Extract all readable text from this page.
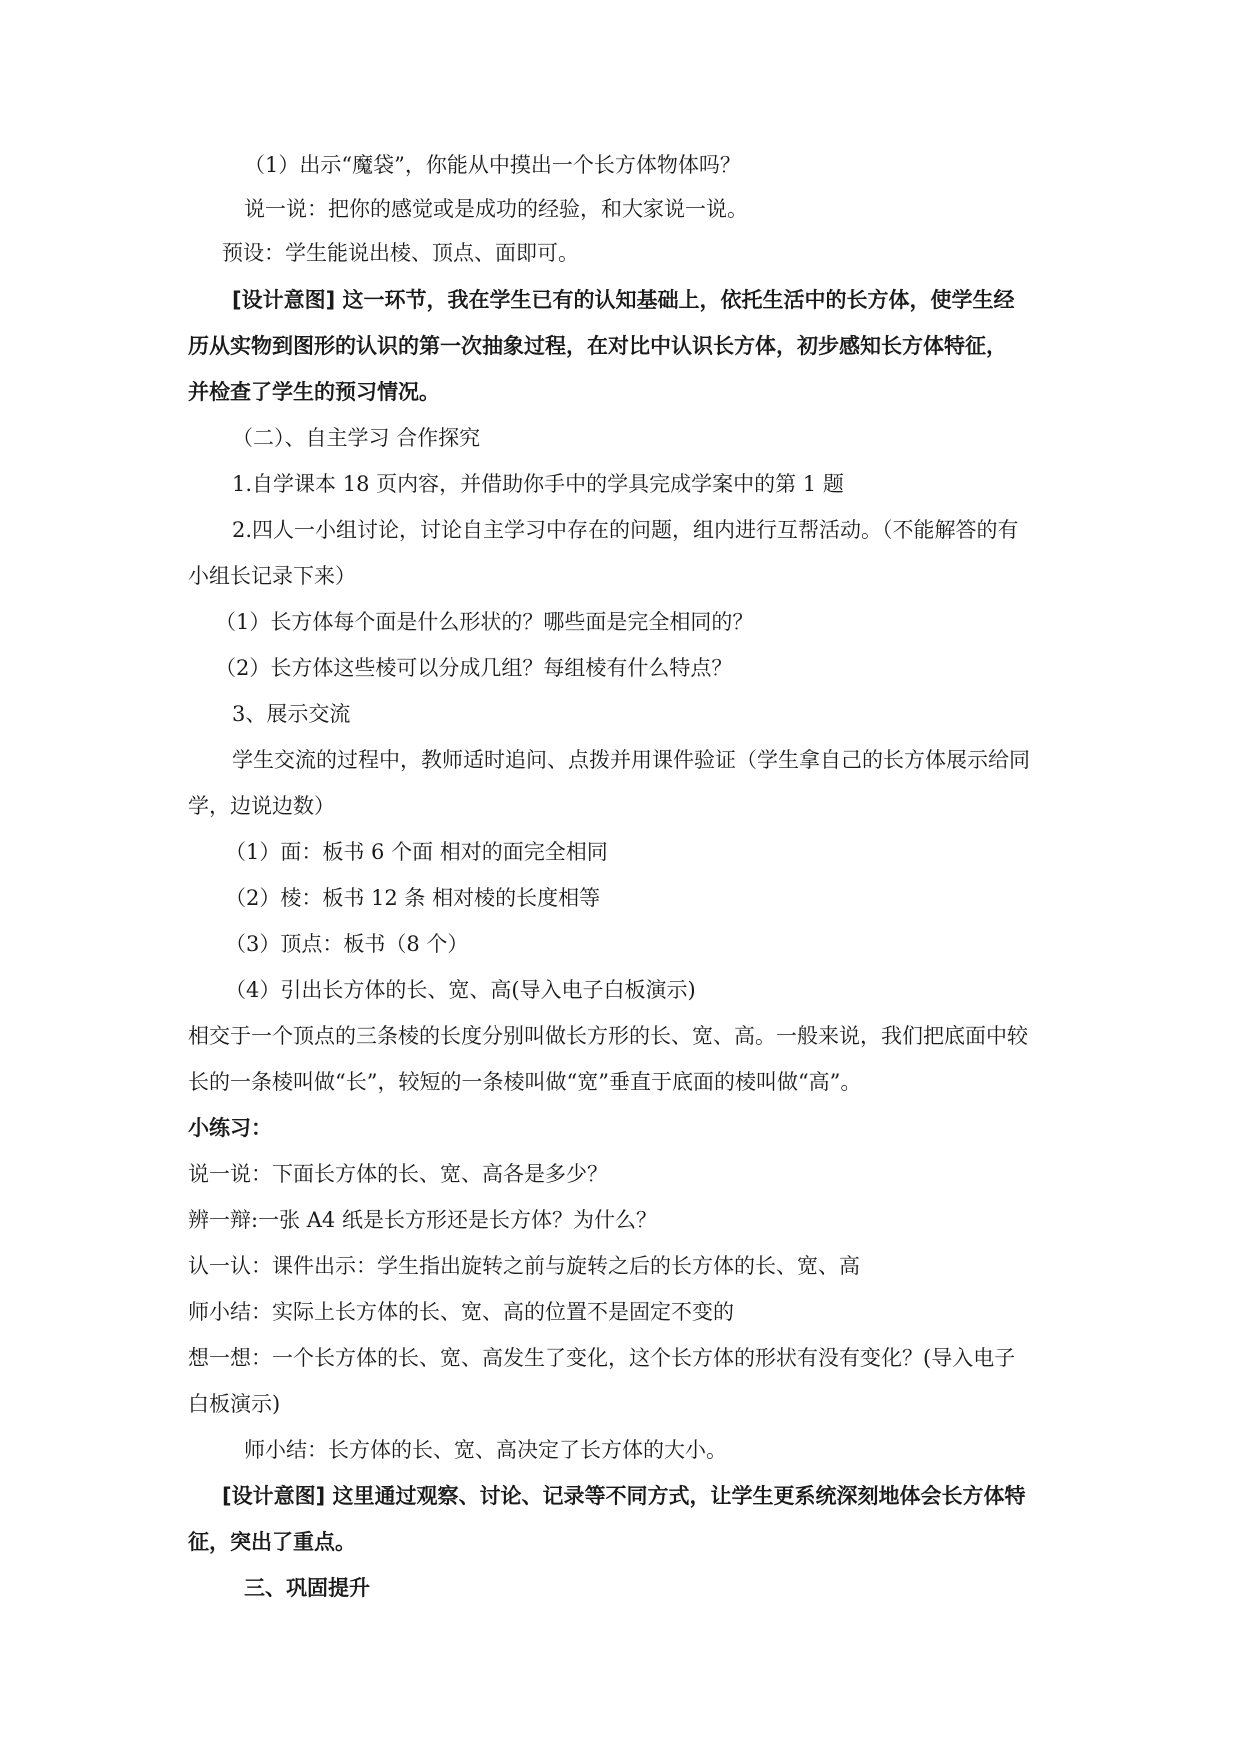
（1）出示“魔袋”，你能从中摸出一个长方体物体吗？
说一说：把你的感觉或是成功的经验，和大家说一说。
预设：学生能说出棱、顶点、面即可。
[设计意图] 这一环节，我在学生已有的认知基础上，依托生活中的长方体，使学生经
历从实物到图形的认识的第一次抽象过程，在对比中认识长方体，初步感知长方体特征，
并检查了学生的预习情况。
（二）、自主学习 合作探究
1.自学课本 18 页内容，并借助你手中的学具完成学案中的第 1 题
2.四人一小组讨论，讨论自主学习中存在的问题，组内进行互帮活动。（不能解答的有
小组长记录下来）
（1）长方体每个面是什么形状的？哪些面是完全相同的？
（2）长方体这些棱可以分成几组？每组棱有什么特点？
3、展示交流
学生交流的过程中，教师适时追问、点拨并用课件验证（学生拿自己的长方体展示给同
学，边说边数）
（1）面：板书 6 个面 相对的面完全相同
（2）棱：板书 12 条 相对棱的长度相等
（3）顶点：板书（8 个）
（4）引出长方体的长、宽、高(导入电子白板演示)
相交于一个顶点的三条棱的长度分别叫做长方形的长、宽、高。一般来说，我们把底面中较
长的一条棱叫做“长”，较短的一条棱叫做“宽”垂直于底面的棱叫做“高”。
小练习：
说一说：下面长方体的长、宽、高各是多少？
辨一辩:一张 A4 纸是长方形还是长方体？为什么？
认一认：课件出示：学生指出旋转之前与旋转之后的长方体的长、宽、高
师小结：实际上长方体的长、宽、高的位置不是固定不变的
想一想：一个长方体的长、宽、高发生了变化，这个长方体的形状有没有变化？(导入电子
白板演示)
师小结：长方体的长、宽、高决定了长方体的大小。
[设计意图] 这里通过观察、讨论、记录等不同方式，让学生更系统深刻地体会长方体特
征，突出了重点。
三、巩固提升
